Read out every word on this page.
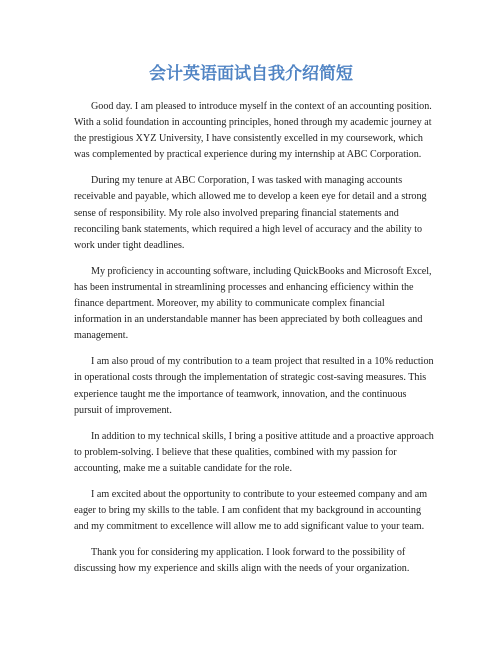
会计英语面试自我介绍简短

Good day. I am pleased to introduce myself in the context of an accounting position. With a solid foundation in accounting principles, honed through my academic journey at the prestigious XYZ University, I have consistently excelled in my coursework, which was complemented by practical experience during my internship at ABC Corporation.

During my tenure at ABC Corporation, I was tasked with managing accounts receivable and payable, which allowed me to develop a keen eye for detail and a strong sense of responsibility. My role also involved preparing financial statements and reconciling bank statements, which required a high level of accuracy and the ability to work under tight deadlines.

My proficiency in accounting software, including QuickBooks and Microsoft Excel, has been instrumental in streamlining processes and enhancing efficiency within the finance department. Moreover, my ability to communicate complex financial information in an understandable manner has been appreciated by both colleagues and management.

I am also proud of my contribution to a team project that resulted in a 10% reduction in operational costs through the implementation of strategic cost-saving measures. This experience taught me the importance of teamwork, innovation, and the continuous pursuit of improvement.

In addition to my technical skills, I bring a positive attitude and a proactive approach to problem-solving. I believe that these qualities, combined with my passion for accounting, make me a suitable candidate for the role.

I am excited about the opportunity to contribute to your esteemed company and am eager to bring my skills to the table. I am confident that my background in accounting and my commitment to excellence will allow me to add significant value to your team.

Thank you for considering my application. I look forward to the possibility of discussing how my experience and skills align with the needs of your organization.
